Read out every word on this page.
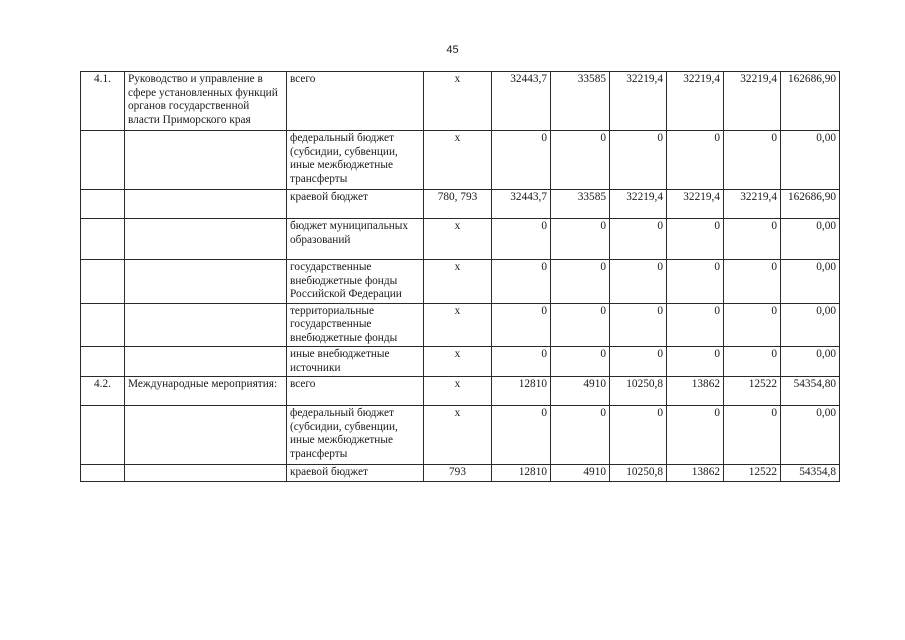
45
4.1.	Руководство и управление в сфере установленных функций органов государственной власти Приморского края	всего	х	32443,7	33585	32219,4	32219,4	32219,4	162686,90
		федеральный бюджет (субсидии, субвенции, иные межбюджетные трансферты	х	0	0	0	0	0	0,00
		краевой бюджет	780, 793	32443,7	33585	32219,4	32219,4	32219,4	162686,90
		бюджет муниципальных образований	х	0	0	0	0	0	0,00
		государственные внебюджетные фонды Российской Федерации	х	0	0	0	0	0	0,00
		территориальные государственные внебюджетные фонды	х	0	0	0	0	0	0,00
		иные внебюджетные источники	х	0	0	0	0	0	0,00
4.2.	Международные мероприятия:	всего	х	12810	4910	10250,8	13862	12522	54354,80
		федеральный бюджет (субсидии, субвенции, иные межбюджетные трансферты	х	0	0	0	0	0	0,00
		краевой бюджет	793	12810	4910	10250,8	13862	12522	54354,8
